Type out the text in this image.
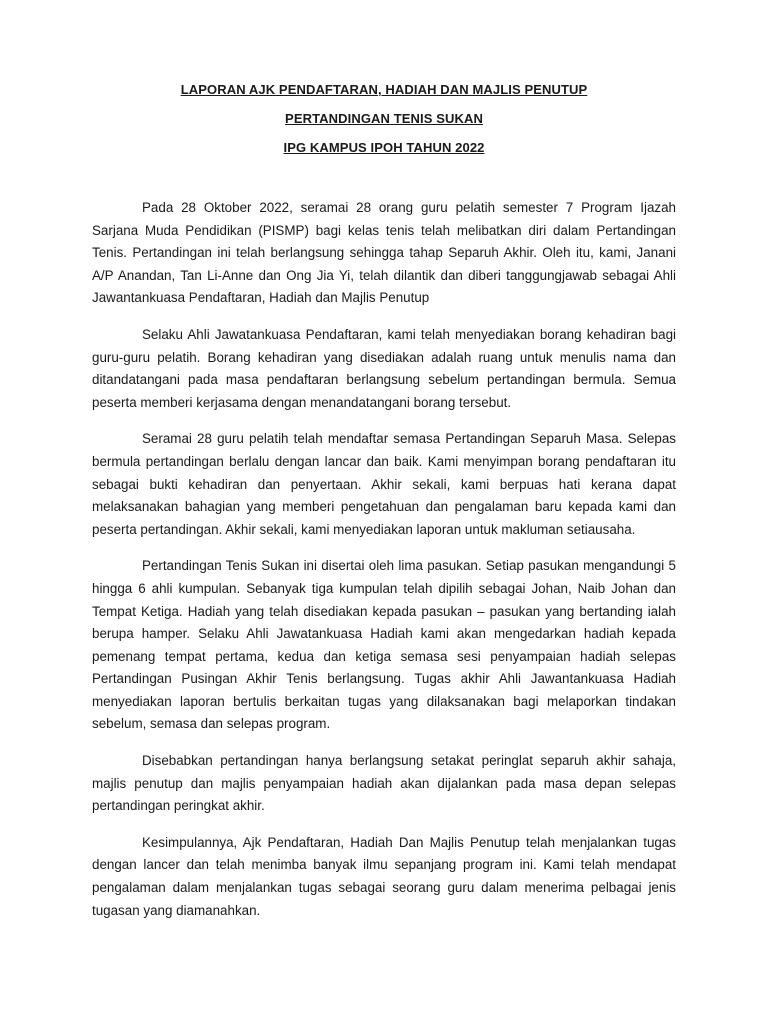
LAPORAN AJK PENDAFTARAN, HADIAH DAN MAJLIS PENUTUP
PERTANDINGAN TENIS SUKAN
IPG KAMPUS IPOH TAHUN 2022

Pada 28 Oktober 2022, seramai 28 orang guru pelatih semester 7 Program Ijazah Sarjana Muda Pendidikan (PISMP) bagi kelas tenis telah melibatkan diri dalam Pertandingan Tenis. Pertandingan ini telah berlangsung sehingga tahap Separuh Akhir. Oleh itu, kami, Janani A/P Anandan, Tan Li-Anne dan Ong Jia Yi, telah dilantik dan diberi tanggungjawab sebagai Ahli Jawantankuasa Pendaftaran, Hadiah dan Majlis Penutup

Selaku Ahli Jawatankuasa Pendaftaran, kami telah menyediakan borang kehadiran bagi guru-guru pelatih. Borang kehadiran yang disediakan adalah ruang untuk menulis nama dan ditandatangani pada masa pendaftaran berlangsung sebelum pertandingan bermula. Semua peserta memberi kerjasama dengan menandatangani borang tersebut.

Seramai 28 guru pelatih telah mendaftar semasa Pertandingan Separuh Masa. Selepas bermula pertandingan berlalu dengan lancar dan baik. Kami menyimpan borang pendaftaran itu sebagai bukti kehadiran dan penyertaan. Akhir sekali, kami berpuas hati kerana dapat melaksanakan bahagian yang memberi pengetahuan dan pengalaman baru kepada kami dan peserta pertandingan. Akhir sekali, kami menyediakan laporan untuk makluman setiausaha.

Pertandingan Tenis Sukan ini disertai oleh lima pasukan. Setiap pasukan mengandungi 5 hingga 6 ahli kumpulan. Sebanyak tiga kumpulan telah dipilih sebagai Johan, Naib Johan dan Tempat Ketiga. Hadiah yang telah disediakan kepada pasukan – pasukan yang bertanding ialah berupa hamper. Selaku Ahli Jawatankuasa Hadiah kami akan mengedarkan hadiah kepada pemenang tempat pertama, kedua dan ketiga semasa sesi penyampaian hadiah selepas Pertandingan Pusingan Akhir Tenis berlangsung. Tugas akhir Ahli Jawantankuasa Hadiah menyediakan laporan bertulis berkaitan tugas yang dilaksanakan bagi melaporkan tindakan sebelum, semasa dan selepas program.

Disebabkan pertandingan hanya berlangsung setakat peringlat separuh akhir sahaja, majlis penutup dan majlis penyampaian hadiah akan dijalankan pada masa depan selepas pertandingan peringkat akhir.

Kesimpulannya, Ajk Pendaftaran, Hadiah Dan Majlis Penutup telah menjalankan tugas dengan lancer dan telah menimba banyak ilmu sepanjang program ini. Kami telah mendapat pengalaman dalam menjalankan tugas sebagai seorang guru dalam menerima pelbagai jenis tugasan yang diamanahkan.
